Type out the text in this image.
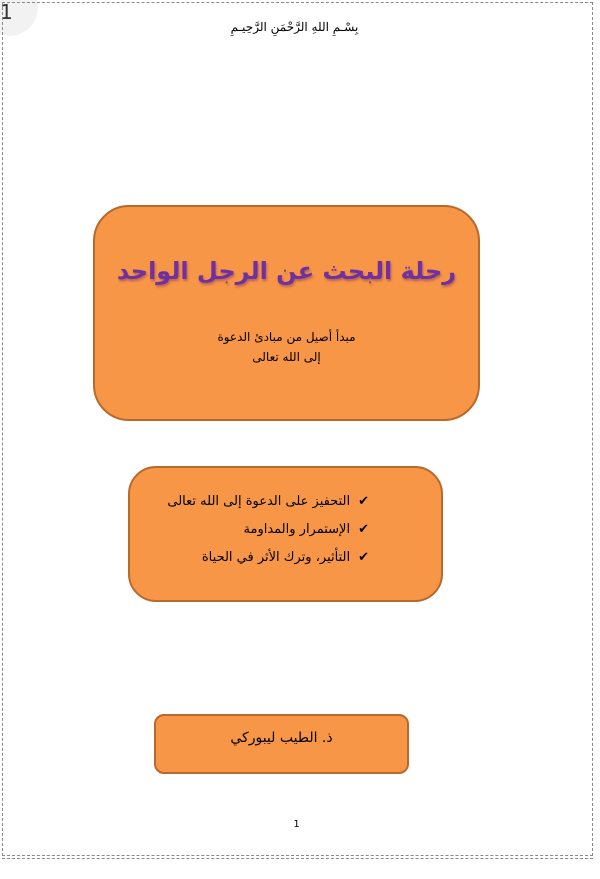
1
بِسْـمِ اللهِ الرَّحْمَنِ الرَّحِيـمِ
رحلة البحث عن الرجل الواحد
مبدأ أصيل من مبادئ الدعوة
إلى الله تعالى
✔التحفيز على الدعوة إلى الله تعالى
✔الإستمرار والمداومة
✔التأثير، وترك الأثر في الحياة
ذ. الطيب ليبوركي
1
